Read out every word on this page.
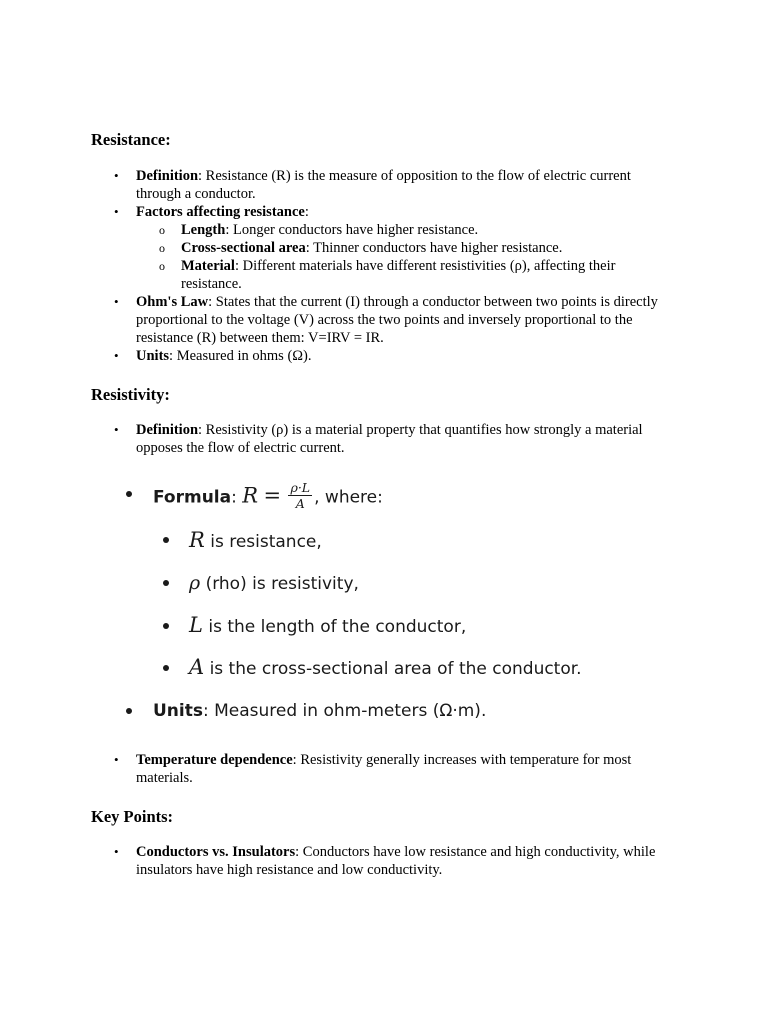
Resistance:
• Definition: Resistance (R) is the measure of opposition to the flow of electric current
through a conductor.
• Factors affecting resistance:
o Length: Longer conductors have higher resistance.
o Cross-sectional area: Thinner conductors have higher resistance.
o Material: Different materials have different resistivities (ρ), affecting their
resistance.
• Ohm's Law: States that the current (I) through a conductor between two points is directly
proportional to the voltage (V) across the two points and inversely proportional to the
resistance (R) between them: V=IRV = IR.
• Units: Measured in ohms (Ω).
Resistivity:
• Definition: Resistivity (ρ) is a material property that quantifies how strongly a material
opposes the flow of electric current.
Formula: $R = \frac{\rho\cdot L}{A}$ , where:
R is resistance,
ρ (rho) is resistivity,
L is the length of the conductor,
A is the cross-sectional area of the conductor.
Units: Measured in ohm-meters (Ω·m).
• Temperature dependence: Resistivity generally increases with temperature for most
materials.
Key Points:
• Conductors vs. Insulators: Conductors have low resistance and high conductivity, while
insulators have high resistance and low conductivity.
